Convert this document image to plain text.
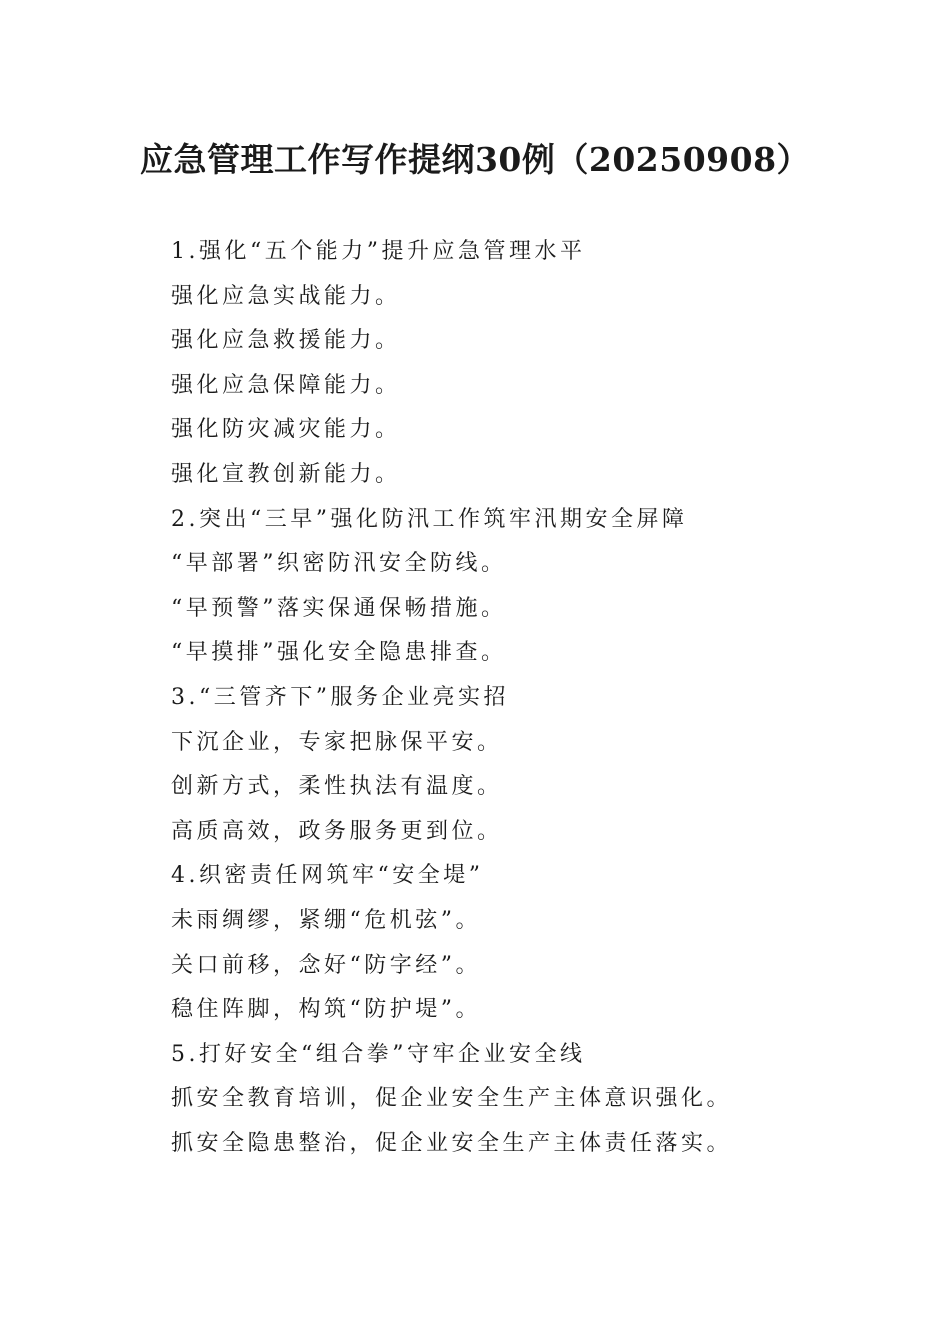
应急管理工作写作提纲30例（20250908）
1.强化“五个能力”提升应急管理水平
强化应急实战能力。
强化应急救援能力。
强化应急保障能力。
强化防灾减灾能力。
强化宣教创新能力。
2.突出“三早”强化防汛工作筑牢汛期安全屏障
“早部署”织密防汛安全防线。
“早预警”落实保通保畅措施。
“早摸排”强化安全隐患排查。
3.“三管齐下”服务企业亮实招
下沉企业，专家把脉保平安。
创新方式，柔性执法有温度。
高质高效，政务服务更到位。
4.织密责任网筑牢“安全堤”
未雨绸缪，紧绷“危机弦”。
关口前移，念好“防字经”。
稳住阵脚，构筑“防护堤”。
5.打好安全“组合拳”守牢企业安全线
抓安全教育培训，促企业安全生产主体意识强化。
抓安全隐患整治，促企业安全生产主体责任落实。
